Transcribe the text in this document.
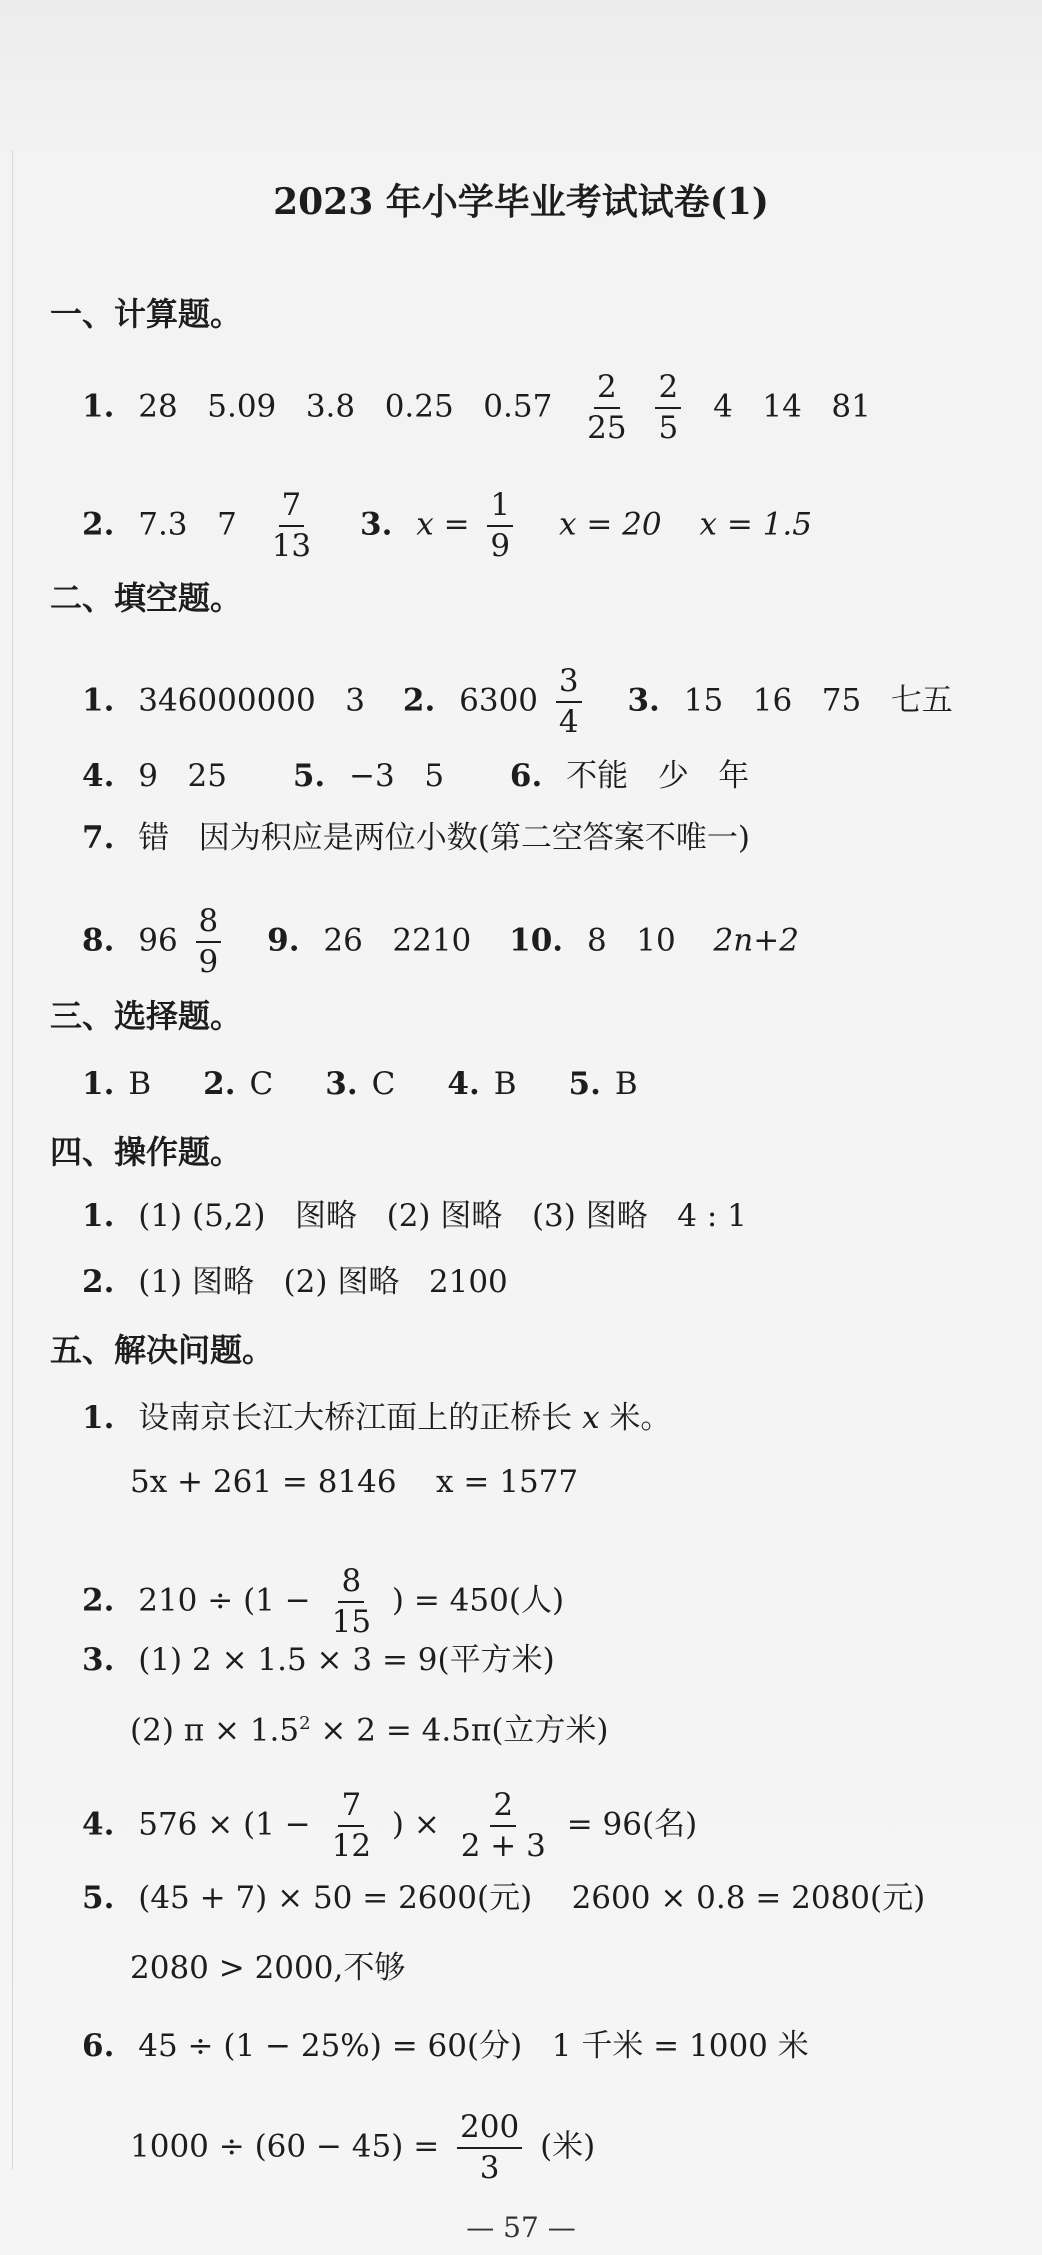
2023 年小学毕业考试试卷(1)
一、计算题。
1. 28   5.09   3.8   0.25   $0.57 \frac{2}{25}$
$\frac{2}{5} 4$   14   81
2. 7.3   $7 \frac{7}{13} 3$. $x = \frac{1}{9}$ x = 20 x = 1.5
二、填空题。
1. 346000000   3 2. $6300 \frac{3}{4} 3$. 15   16   75   七五
4. 9   25 5. −3   5 6. 不能   少   年
7. 错   因为积应是两位小数(第二空答案不唯一)
8. $96 \frac{8}{9} 9$. 26   2210 10. 8   10 2n+2
三、选择题。
1. B 2. C 3. C 4. B 5. B
四、操作题。
1. (1) (5,2)   图略   (2) 图略   (3) 图略   4 : 1
2. (1) 图略   (2) 图略   2100
五、解决问题。
1. 设南京长江大桥江面上的正桥长 x 米。
5x + 261 = 8146    x = 1577
2. $210 \div (1 - \frac{8}{15}$ ) = 450(人)
3. (1) 2 × 1.5 × 3 = 9(平方米)
(2) $\pi \times 1.5^2 \times 2 = 4.5\pi$(立方米)
4. $576 \times (1 - \frac{7}{12}$ ) × $\frac{2}{2 + 3} = 96$(名)
5. (45 + 7) × 50 = 2600(元)    2600 × 0.8 = 2080(元)
2080 > 2000,不够
6. 45 ÷ (1 − 25%) = 60(分)   1 千米 = 1000 米
$1000 \div (60 - 45) = \frac{200}{3}$ (米)
— 57 —
